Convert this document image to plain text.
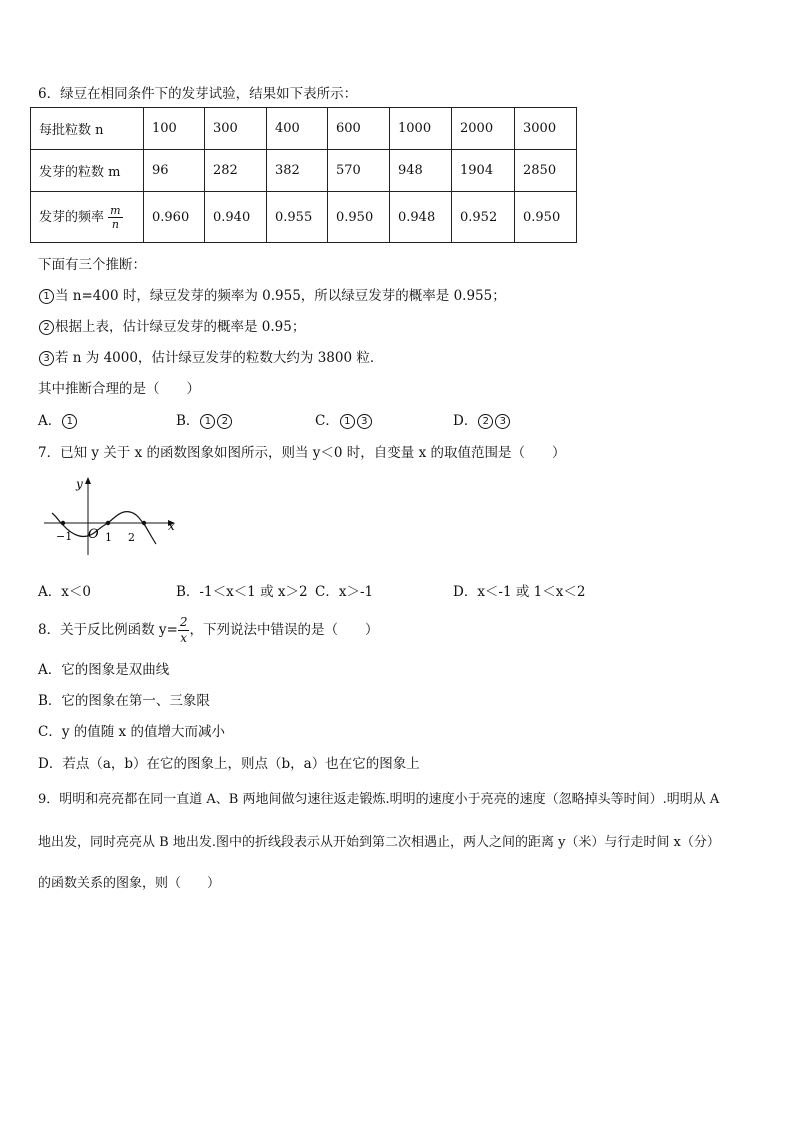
6．绿豆在相同条件下的发芽试验，结果如下表所示：
每批粒数 n	100	300	400	600	1000	2000	3000
发芽的粒数 m	96	282	382	570	948	1904	2850
发芽的频率 $\frac{m}{n}$	0.960	0.940	0.955	0.950	0.948	0.952	0.950
下面有三个推断：
1 当 n=400 时，绿豆发芽的频率为 0.955，所以绿豆发芽的概率是 0.955；
2 根据上表，估计绿豆发芽的概率是 0.95；
3 若 n 为 4000，估计绿豆发芽的粒数大约为 3800 粒．
其中推断合理的是（　　）
A． 1	B． 1 2	C． 1 3	D． 2 3
7．已知 y 关于 x 的函数图象如图所示，则当 y＜0 时，自变量 x 的取值范围是（　　）
y
x
O
−1	1 2
A．x＜0	B．-1＜x＜1 或 x＞2 C．x＞-1	D．x＜-1 或 1＜x＜2
8．关于反比例函数 $y= \frac{2}{x}$ ，下列说法中错误的是（　　）
A．它的图象是双曲线
B．它的图象在第一、三象限
C．y 的值随 x 的值增大而减小
D．若点（a，b）在它的图象上，则点（b，a）也在它的图象上
9．明明和亮亮都在同一直道 A、B 两地间做匀速往返走锻炼.明明的速度小于亮亮的速度（忽略掉头等时间）.明明从 A
地出发，同时亮亮从 B 地出发.图中的折线段表示从开始到第二次相遇止，两人之间的距离 y（米）与行走时间 x（分）
的函数关系的图象，则（　　）
